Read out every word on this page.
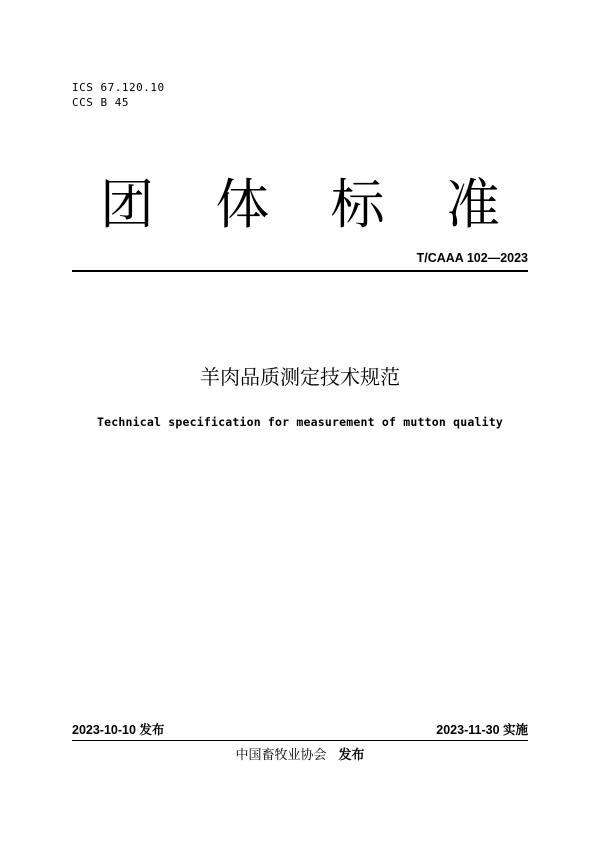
ICS 67.120.10
CCS B 45
团 体 标 准
T/CAAA 102—2023
羊肉品质测定技术规范
Technical specification for measurement of mutton quality
2023-10-10 发布	2023-11-30 实施
中国畜牧业协会 发布
